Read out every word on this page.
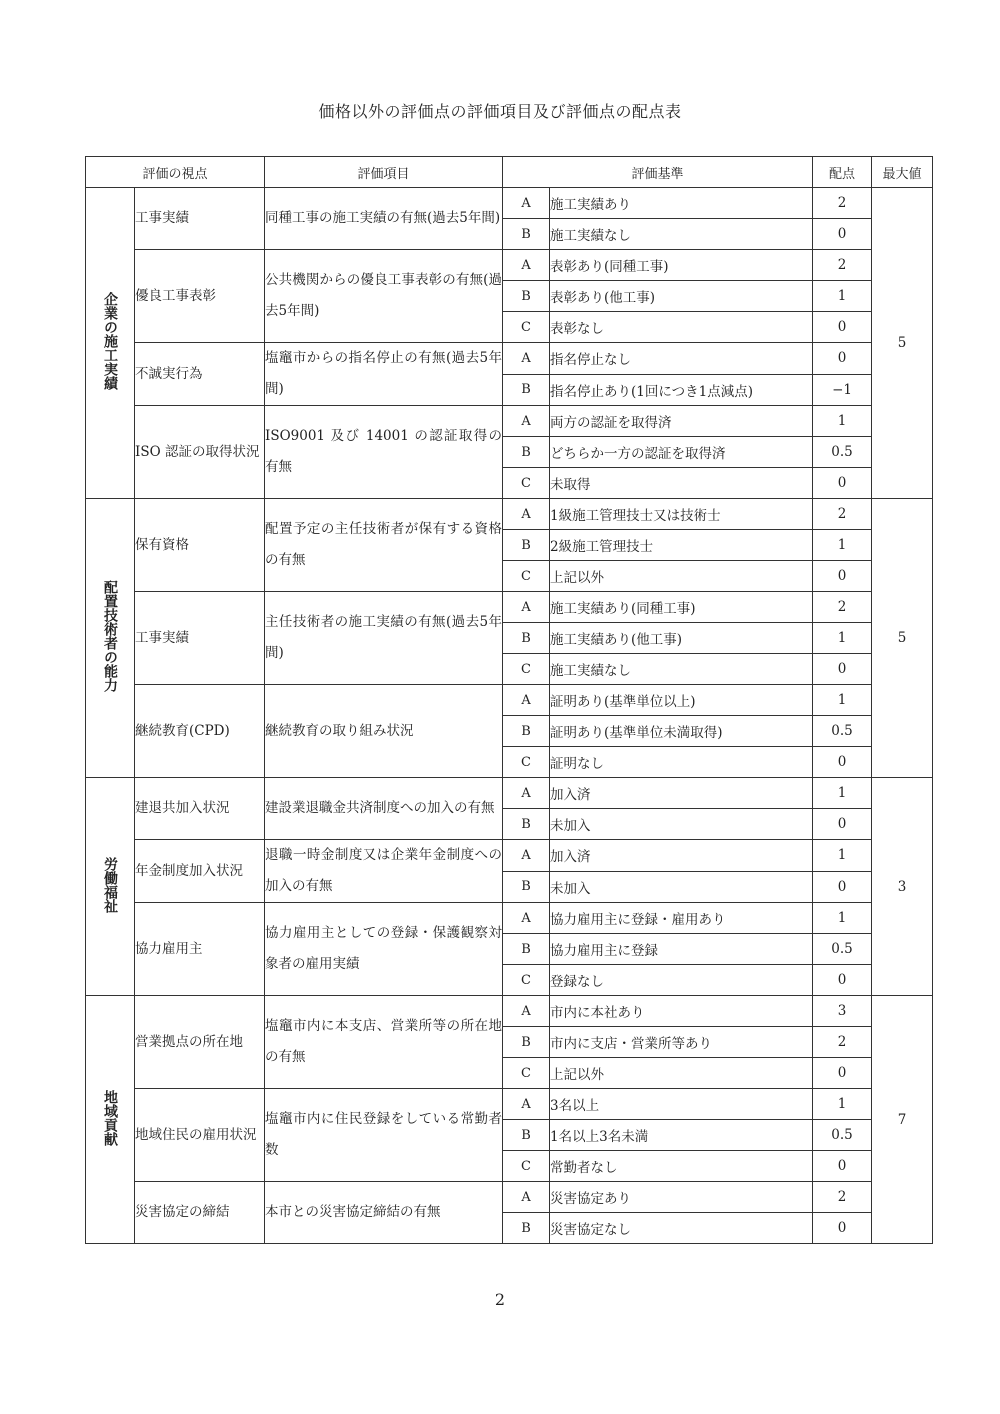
価格以外の評価点の評価項目及び評価点の配点表
評価の視点		評価項目	評価基準		配点	最大値
企業の施工実績	工事実績	同種工事の施工実績の有無(過去5年間)	A	施工実績あり	2	5
			B	施工実績なし	0	
	優良工事表彰	公共機関からの優良工事表彰の有無(過去5年間)	A	表彰あり(同種工事)	2	
			B	表彰あり(他工事)	1	
			C	表彰なし	0	
	不誠実行為	塩竈市からの指名停止の有無(過去5年間)	A	指名停止なし	0	
			B	指名停止あり(1回につき1点減点)	−1	
	ISO 認証の取得状況	ISO9001 及び 14001 の認証取得の有無	A	両方の認証を取得済	1	
			B	どちらか一方の認証を取得済	0.5	
			C	未取得	0	
配置技術者の能力	保有資格	配置予定の主任技術者が保有する資格の有無	A	1級施工管理技士又は技術士	2	5
			B	2級施工管理技士	1	
			C	上記以外	0	
	工事実績	主任技術者の施工実績の有無(過去5年間)	A	施工実績あり(同種工事)	2	
			B	施工実績あり(他工事)	1	
			C	施工実績なし	0	
	継続教育(CPD)	継続教育の取り組み状況	A	証明あり(基準単位以上)	1	
			B	証明あり(基準単位未満取得)	0.5	
			C	証明なし	0	
労働福祉	建退共加入状況	建設業退職金共済制度への加入の有無	A	加入済	1	3
			B	未加入	0	
	年金制度加入状況	退職一時金制度又は企業年金制度への加入の有無	A	加入済	1	
			B	未加入	0	
	協力雇用主	協力雇用主としての登録・保護観察対象者の雇用実績	A	協力雇用主に登録・雇用あり	1	
			B	協力雇用主に登録	0.5	
			C	登録なし	0	
地域貢献	営業拠点の所在地	塩竈市内に本支店、営業所等の所在地の有無	A	市内に本社あり	3	7
			B	市内に支店・営業所等あり	2	
			C	上記以外	0	
	地域住民の雇用状況	塩竈市内に住民登録をしている常勤者数	A	3名以上	1	
			B	1名以上3名未満	0.5	
			C	常勤者なし	0	
	災害協定の締結	本市との災害協定締結の有無	A	災害協定あり	2	
			B	災害協定なし	0	
2
